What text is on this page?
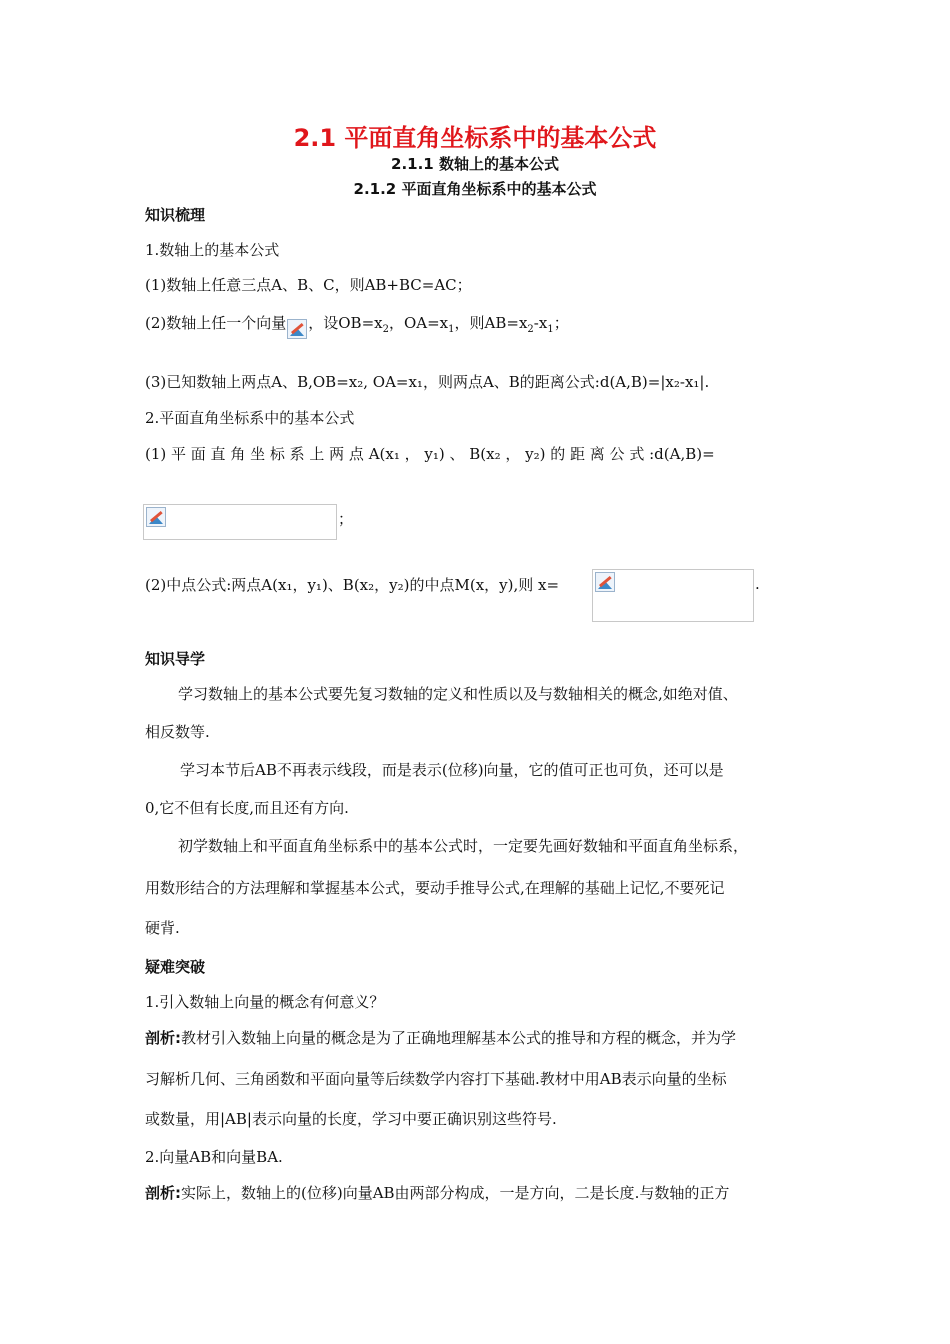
2.1 平面直角坐标系中的基本公式
2.1.1 数轴上的基本公式
2.1.2 平面直角坐标系中的基本公式
知识梳理
1.数轴上的基本公式
(1)数轴上任意三点A、B、C，则AB+BC=AC；
(2)数轴上任一个向量 ，设$OB=x_2$，$OA=x_1$，则$AB=x_2-x_1$；
(3)已知数轴上两点A、B,OB=x₂, OA=x₁，则两点A、B的距离公式:d(A,B)=|x₂-x₁|.
2.平面直角坐标系中的基本公式
(1) 平 面 直 角 坐 标 系 上 两 点 A(x₁ ， y₁) 、 B(x₂ ， y₂) 的 距 离 公 式 :d(A,B)=
；
(2)中点公式:两点A(x₁，y₁)、B(x₂，y₂)的中点M(x，y),则 x=	.
知识导学
学习数轴上的基本公式要先复习数轴的定义和性质以及与数轴相关的概念,如绝对值、
相反数等.
学习本节后AB不再表示线段，而是表示(位移)向量，它的值可正也可负，还可以是
0,它不但有长度,而且还有方向.
初学数轴上和平面直角坐标系中的基本公式时，一定要先画好数轴和平面直角坐标系，
用数形结合的方法理解和掌握基本公式，要动手推导公式,在理解的基础上记忆,不要死记
硬背.
疑难突破
1.引入数轴上向量的概念有何意义？
剖析:教材引入数轴上向量的概念是为了正确地理解基本公式的推导和方程的概念，并为学
习解析几何、三角函数和平面向量等后续数学内容打下基础.教材中用AB表示向量的坐标
或数量，用|AB|表示向量的长度，学习中要正确识别这些符号.
2.向量AB和向量BA.
剖析:实际上，数轴上的(位移)向量AB由两部分构成，一是方向，二是长度.与数轴的正方
